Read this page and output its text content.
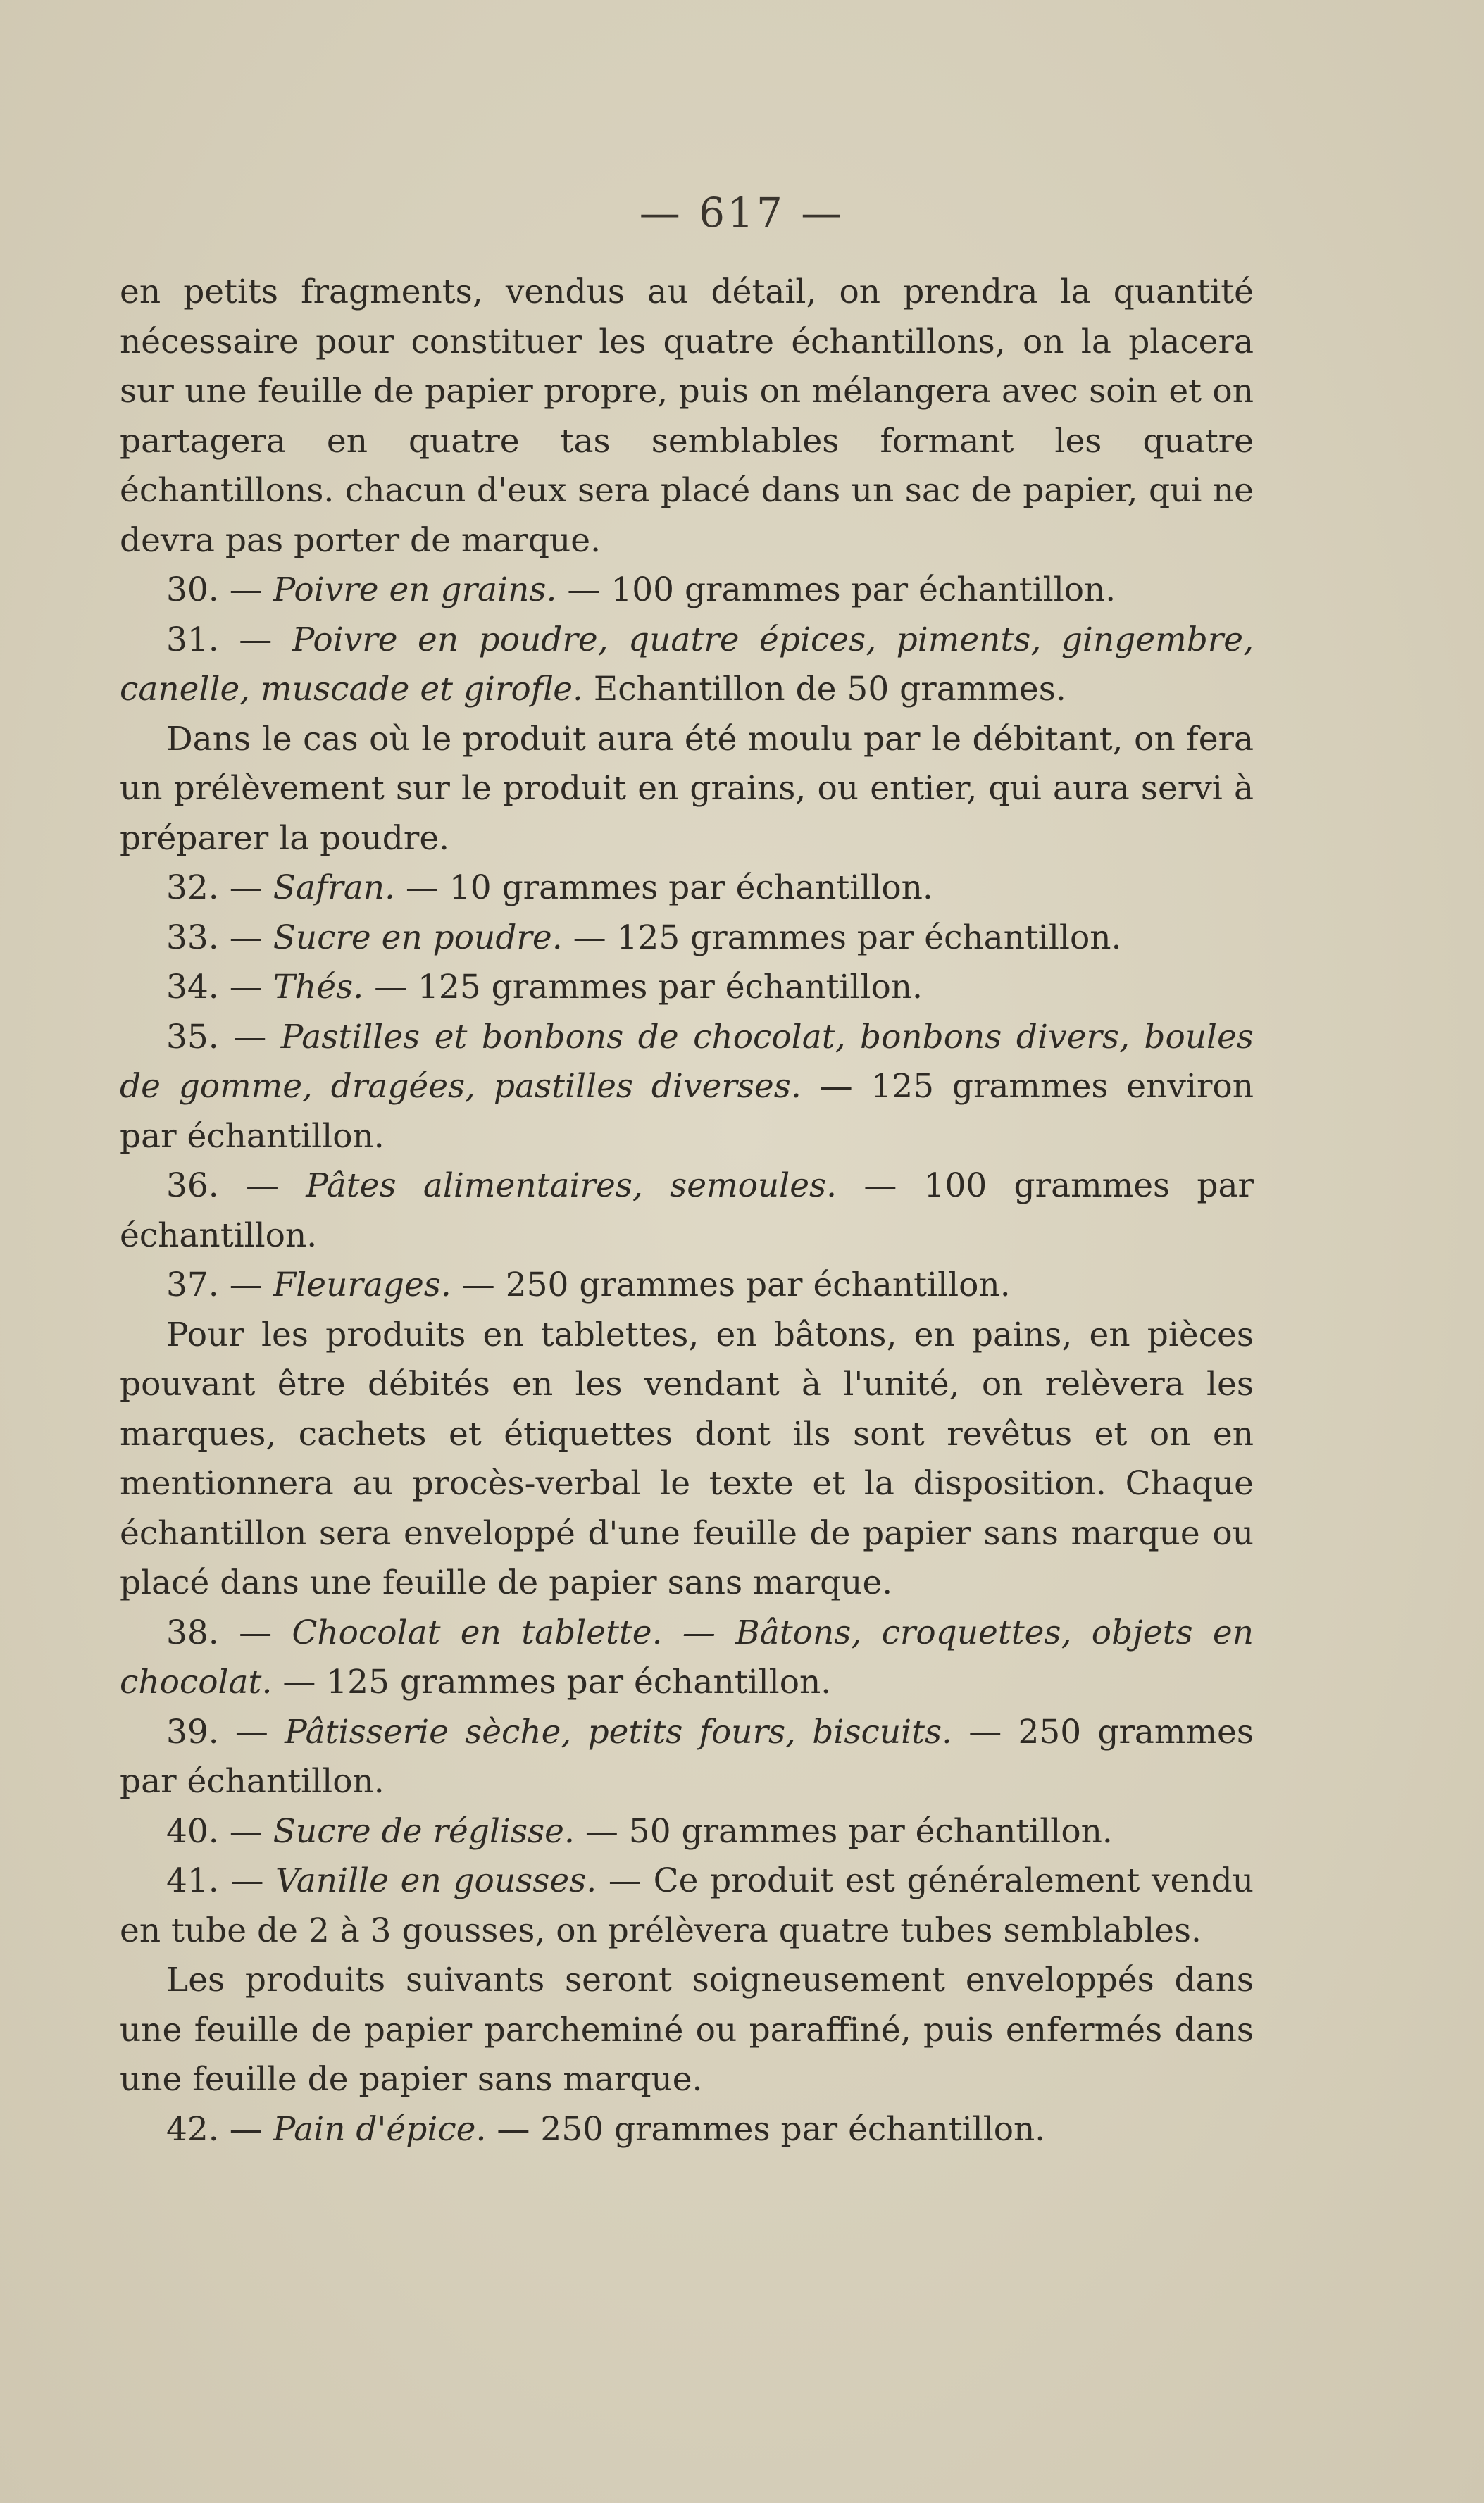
— 617 —

en petits fragments, vendus au détail, on prendra la quantité nécessaire pour constituer les quatre échantillons, on la placera sur une feuille de papier propre, puis on mélangera avec soin et on partagera en quatre tas semblables formant les quatre échantillons. chacun d'eux sera placé dans un sac de papier, qui ne devra pas porter de marque.

30. — Poivre en grains. — 100 grammes par échantillon.

31. — Poivre en poudre, quatre épices, piments, gingembre, canelle, muscade et girofle. Echantillon de 50 grammes.

Dans le cas où le produit aura été moulu par le débitant, on fera un prélèvement sur le produit en grains, ou entier, qui aura servi à préparer la poudre.

32. — Safran. — 10 grammes par échantillon.

33. — Sucre en poudre. — 125 grammes par échantillon.

34. — Thés. — 125 grammes par échantillon.

35. — Pastilles et bonbons de chocolat, bonbons divers, boules de gomme, dragées, pastilles diverses. — 125 grammes environ par échantillon.

36. — Pâtes alimentaires, semoules. — 100 grammes par échantillon.

37. — Fleurages. — 250 grammes par échantillon.

Pour les produits en tablettes, en bâtons, en pains, en pièces pouvant être débités en les vendant à l'unité, on relèvera les marques, cachets et étiquettes dont ils sont revêtus et on en mentionnera au procès-verbal le texte et la disposition. Chaque échantillon sera enveloppé d'une feuille de papier sans marque ou placé dans une feuille de papier sans marque.

38. — Chocolat en tablette. — Bâtons, croquettes, objets en chocolat. — 125 grammes par échantillon.

39. — Pâtisserie sèche, petits fours, biscuits. — 250 grammes par échantillon.

40. — Sucre de réglisse. — 50 grammes par échantillon.

41. — Vanille en gousses. — Ce produit est généralement vendu en tube de 2 à 3 gousses, on prélèvera quatre tubes semblables.

Les produits suivants seront soigneusement enveloppés dans une feuille de papier parcheminé ou paraffiné, puis enfermés dans une feuille de papier sans marque.

42. — Pain d'épice. — 250 grammes par échantillon.
